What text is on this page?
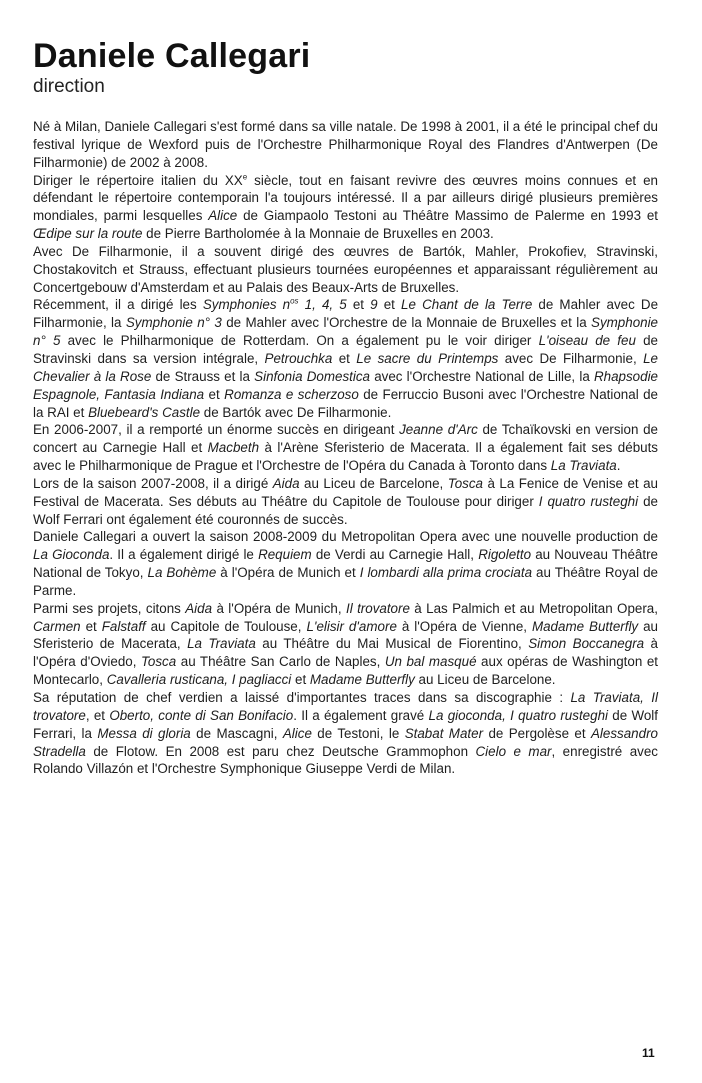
Daniele Callegari
direction

Né à Milan, Daniele Callegari s'est formé dans sa ville natale. De 1998 à 2001, il a été le principal chef du festival lyrique de Wexford puis de l'Orchestre Philharmonique Royal des Flandres d'Antwerpen (De Filharmonie) de 2002 à 2008.

Diriger le répertoire italien du XXe siècle, tout en faisant revivre des œuvres moins connues et en défendant le répertoire contemporain l'a toujours intéressé. Il a par ailleurs dirigé plusieurs premières mondiales, parmi lesquelles Alice de Giampaolo Testoni au Théâtre Massimo de Palerme en 1993 et Œdipe sur la route de Pierre Bartholomée à la Monnaie de Bruxelles en 2003.

Avec De Filharmonie, il a souvent dirigé des œuvres de Bartók, Mahler, Prokofiev, Stravinski, Chostakovitch et Strauss, effectuant plusieurs tournées européennes et apparaissant régulièrement au Concertgebouw d'Amsterdam et au Palais des Beaux-Arts de Bruxelles.

Récemment, il a dirigé les Symphonies $n^{os}$ 1, 4, 5 et 9 et Le Chant de la Terre de Mahler avec De Filharmonie, la Symphonie n° 3 de Mahler avec l'Orchestre de la Monnaie de Bruxelles et la Symphonie n° 5 avec le Philharmonique de Rotterdam. On a également pu le voir diriger L'oiseau de feu de Stravinski dans sa version intégrale, Petrouchka et Le sacre du Printemps avec De Filharmonie, Le Chevalier à la Rose de Strauss et la Sinfonia Domestica avec l'Orchestre National de Lille, la Rhapsodie Espagnole, Fantasia Indiana et Romanza e scherzoso de Ferruccio Busoni avec l'Orchestre National de la RAI et Bluebeard's Castle de Bartók avec De Filharmonie.

En 2006-2007, il a remporté un énorme succès en dirigeant Jeanne d'Arc de Tchaïkovski en version de concert au Carnegie Hall et Macbeth à l'Arène Sferisterio de Macerata. Il a également fait ses débuts avec le Philharmonique de Prague et l'Orchestre de l'Opéra du Canada à Toronto dans La Traviata.

Lors de la saison 2007-2008, il a dirigé Aida au Liceu de Barcelone, Tosca à La Fenice de Venise et au Festival de Macerata. Ses débuts au Théâtre du Capitole de Toulouse pour diriger I quatro rusteghi de Wolf Ferrari ont également été couronnés de succès.

Daniele Callegari a ouvert la saison 2008-2009 du Metropolitan Opera avec une nouvelle production de La Gioconda. Il a également dirigé le Requiem de Verdi au Carnegie Hall, Rigoletto au Nouveau Théâtre National de Tokyo, La Bohème à l'Opéra de Munich et I lombardi alla prima crociata au Théâtre Royal de Parme.

Parmi ses projets, citons Aida à l'Opéra de Munich, Il trovatore à Las Palmich et au Metropolitan Opera, Carmen et Falstaff au Capitole de Toulouse, L'elisir d'amore à l'Opéra de Vienne, Madame Butterfly au Sferisterio de Macerata, La Traviata au Théâtre du Mai Musical de Fiorentino, Simon Boccanegra à l'Opéra d'Oviedo, Tosca au Théâtre San Carlo de Naples, Un bal masqué aux opéras de Washington et Montecarlo, Cavalleria rusticana, I pagliacci et Madame Butterfly au Liceu de Barcelone.

Sa réputation de chef verdien a laissé d'importantes traces dans sa discographie : La Traviata, Il trovatore, et Oberto, conte di San Bonifacio. Il a également gravé La gioconda, I quatro rusteghi de Wolf Ferrari, la Messa di gloria de Mascagni, Alice de Testoni, le Stabat Mater de Pergolèse et Alessandro Stradella de Flotow. En 2008 est paru chez Deutsche Grammophon Cielo e mar, enregistré avec Rolando Villazón et l'Orchestre Symphonique Giuseppe Verdi de Milan.

11
